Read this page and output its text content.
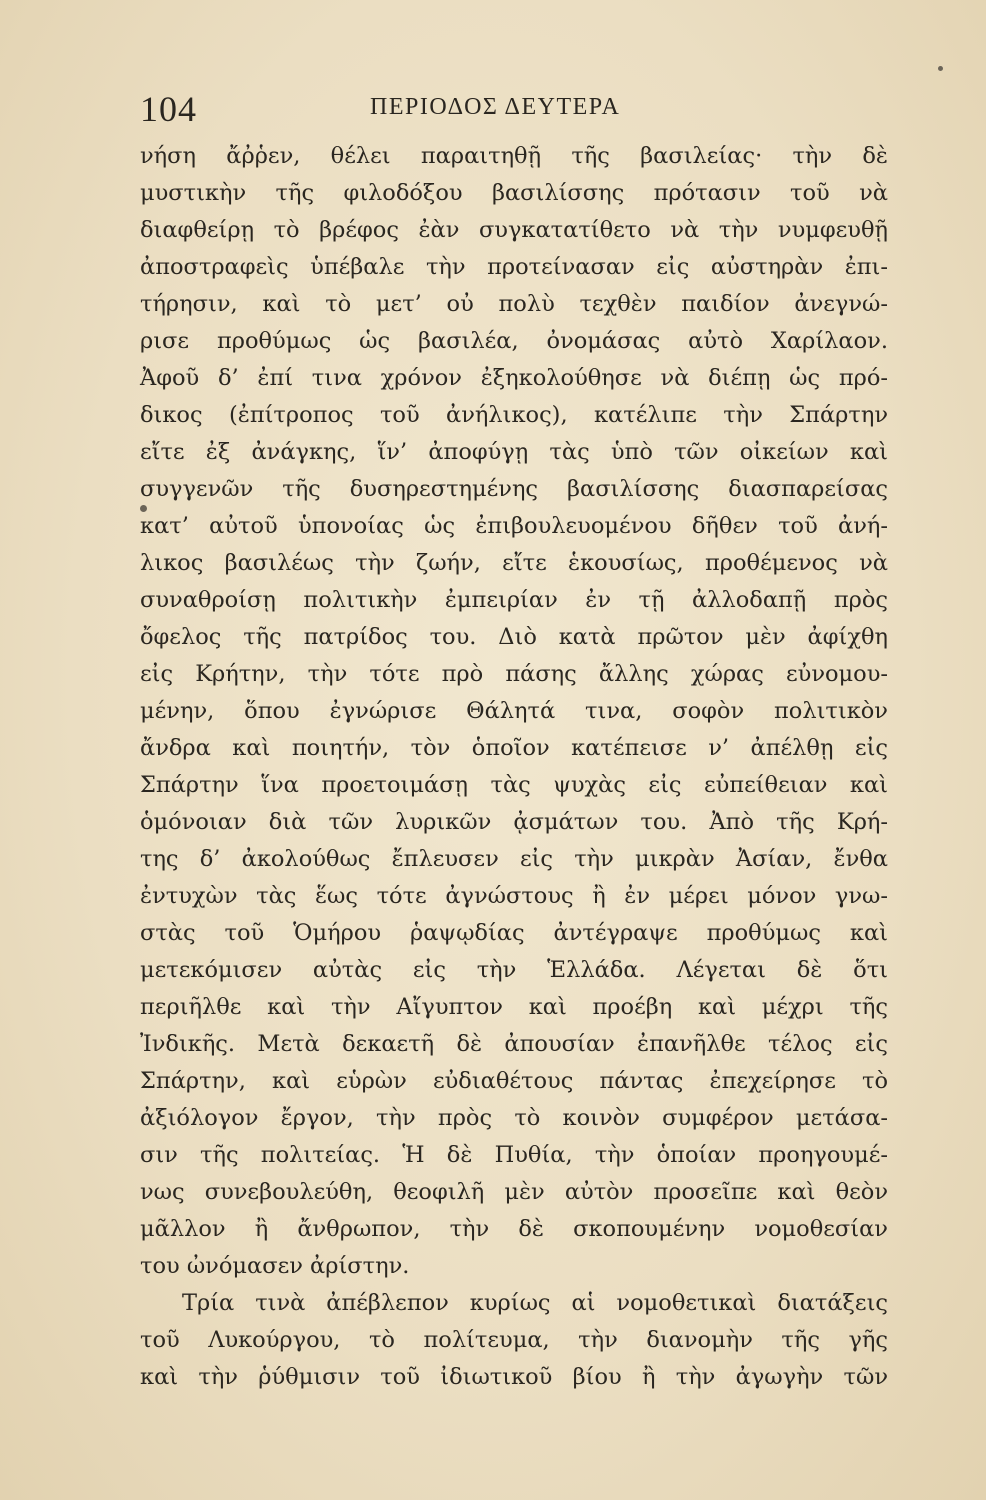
104	ΠΕΡΙΟΔΟΣ ΔΕΥΤΕΡΑ
νήση ἄῤῥεν, θέλει παραιτηθῇ τῆς βασιλείας· τὴν δὲ
μυστικὴν τῆς φιλοδόξου βασιλίσσης πρότασιν τοῦ νὰ
διαφθείρῃ τὸ βρέφος ἐὰν συγκατατίθετο νὰ τὴν νυμφευθῇ
ἀποστραφεὶς ὑπέβαλε τὴν προτείνασαν εἰς αὐστηρὰν ἐπι-
τήρησιν, καὶ τὸ μετ’ οὐ πολὺ τεχθὲν παιδίον ἀνεγνώ-
ρισε προθύμως ὡς βασιλέα, ὀνομάσας αὐτὸ Χαρίλαον.
Ἀφοῦ δ’ ἐπί τινα χρόνον ἐξηκολούθησε νὰ διέπῃ ὡς πρό-
δικος (ἐπίτροπος τοῦ ἀνήλικος), κατέλιπε τὴν Σπάρτην
εἴτε ἐξ ἀνάγκης, ἵν’ ἀποφύγῃ τὰς ὑπὸ τῶν οἰκείων καὶ
συγγενῶν τῆς δυσηρεστημένης βασιλίσσης διασπαρείσας
κατ’ αὐτοῦ ὑπονοίας ὡς ἐπιβουλευομένου δῆθεν τοῦ ἀνή-
λικος βασιλέως τὴν ζωήν, εἴτε ἑκουσίως, προθέμενος νὰ
συναθροίσῃ πολιτικὴν ἐμπειρίαν ἐν τῇ ἀλλοδαπῇ πρὸς
ὄφελος τῆς πατρίδος του. Διὸ κατὰ πρῶτον μὲν ἀφίχθη
εἰς Κρήτην, τὴν τότε πρὸ πάσης ἄλλης χώρας εὐνομου-
μένην, ὅπου ἐγνώρισε Θάλητά τινα, σοφὸν πολιτικὸν
ἄνδρα καὶ ποιητήν, τὸν ὁποῖον κατέπεισε ν’ ἀπέλθῃ εἰς
Σπάρτην ἵνα προετοιμάσῃ τὰς ψυχὰς εἰς εὐπείθειαν καὶ
ὁμόνοιαν διὰ τῶν λυρικῶν ᾀσμάτων του. Ἀπὸ τῆς Κρή-
της δ’ ἀκολούθως ἔπλευσεν εἰς τὴν μικρὰν Ἀσίαν, ἔνθα
ἐντυχὼν τὰς ἕως τότε ἀγνώστους ἢ ἐν μέρει μόνον γνω-
στὰς τοῦ Ὁμήρου ῥαψῳδίας ἀντέγραψε προθύμως καὶ
μετεκόμισεν αὐτὰς εἰς τὴν Ἑλλάδα. Λέγεται δὲ ὅτι
περιῆλθε καὶ τὴν Αἴγυπτον καὶ προέβη καὶ μέχρι τῆς
Ἰνδικῆς. Μετὰ δεκαετῆ δὲ ἀπουσίαν ἐπανῆλθε τέλος εἰς
Σπάρτην, καὶ εὑρὼν εὐδιαθέτους πάντας ἐπεχείρησε τὸ
ἀξιόλογον ἔργον, τὴν πρὸς τὸ κοινὸν συμφέρον μετάσα-
σιν τῆς πολιτείας. Ἡ δὲ Πυθία, τὴν ὁποίαν προηγουμέ-
νως συνεβουλεύθη, θεοφιλῆ μὲν αὐτὸν προσεῖπε καὶ θεὸν
μᾶλλον ἢ ἄνθρωπον, τὴν δὲ σκοπουμένην νομοθεσίαν
του ὠνόμασεν ἀρίστην.
Τρία τινὰ ἀπέβλεπον κυρίως αἱ νομοθετικαὶ διατάξεις
τοῦ Λυκούργου, τὸ πολίτευμα, τὴν διανομὴν τῆς γῆς
καὶ τὴν ῥύθμισιν τοῦ ἰδιωτικοῦ βίου ἢ τὴν ἀγωγὴν τῶν
